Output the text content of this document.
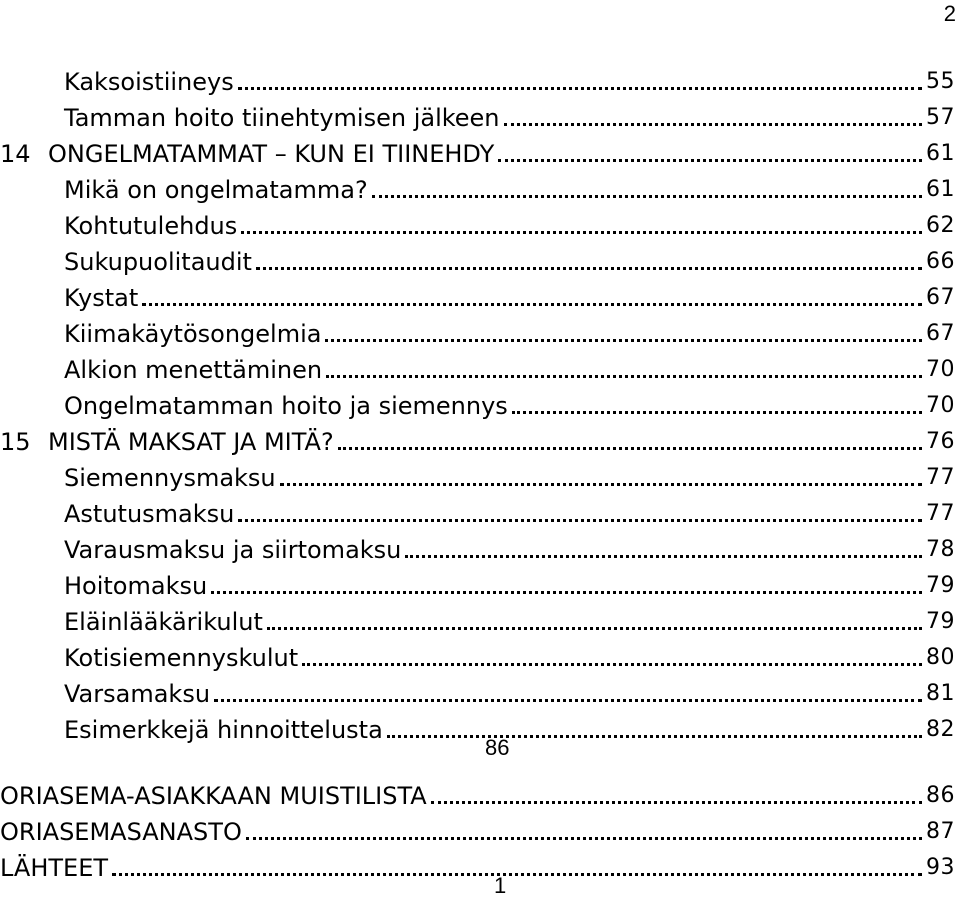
2
Kaksoistiineys	55
Tamman hoito tiinehtymisen jälkeen	57
14 ONGELMATAMMAT – KUN EI TIINEHDY	61
Mikä on ongelmatamma?	61
Kohtutulehdus	62
Sukupuolitaudit	66
Kystat	67
Kiimakäytösongelmia	67
Alkion menettäminen	70
Ongelmatamman hoito ja siemennys	70
15 MISTÄ MAKSAT JA MITÄ?	76
Siemennysmaksu	77
Astutusmaksu	77
Varausmaksu ja siirtomaksu	78
Hoitomaksu	79
Eläinlääkärikulut	79
Kotisiemennyskulut	80
Varsamaksu	81
Esimerkkejä hinnoittelusta	82
ORIASEMA-ASIAKKAAN MUISTILISTA	86
ORIASEMASANASTO	87
LÄHTEET	93
86
1
